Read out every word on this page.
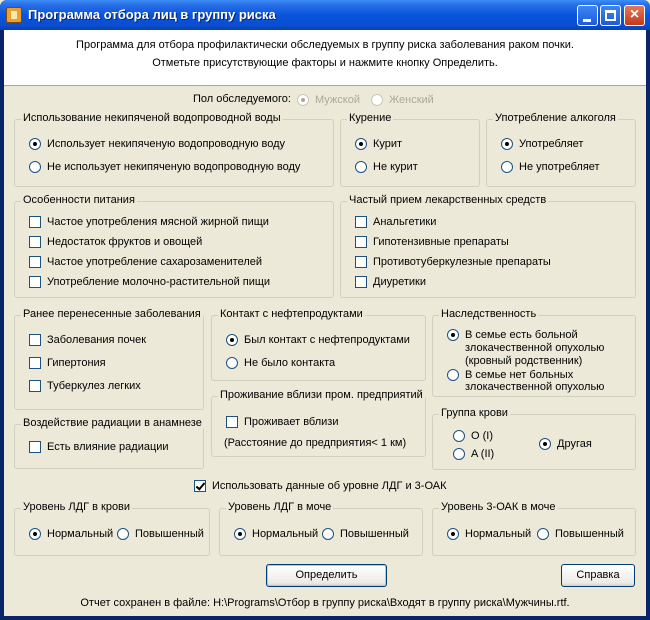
Программа отбора лиц в группу риска	×
Программа для отбора профилактически обследуемых в группу риска заболевания раком почки.
Отметьте присутствующие факторы и нажмите кнопку Определить.
Пол обследуемого: Мужской	Женский
Использование некипяченой водопроводной воды
Использует некипяченую водопроводную воду
Не использует некипяченую водопроводную воду
Курение
Курит
Не курит
Употребление алкоголя
Употребляет
Не употребляет
Особенности питания
Частое употребления мясной жирной пищи
Недостаток фруктов и овощей
Частое употребление сахарозаменителей
Употребление молочно-растительной пищи
Частый прием лекарственных средств
Анальгетики
Гипотензивные препараты
Противотуберкулезные препараты
Диуретики
Ранее перенесенные заболевания
Заболевания почек
Гипертония
Туберкулез легких
Контакт с нефтепродуктами
Был контакт с нефтепродуктами
Не было контакта
Наследственность
В семье есть больной
злокачественной опухолью
(кровный родственник)
В семье нет больных
злокачественной опухолью
Проживание вблизи пром. предприятий
Проживает вблизи
(Расстояние до предприятия< 1 км)
Воздействие радиации в анамнезе
Есть влияние радиации
Группа крови
O (I)
A (II)
Другая
Использовать данные об уровне ЛДГ и 3-ОАК
Уровень ЛДГ в крови
Нормальный Повышенный
Уровень ЛДГ в моче
Нормальный Повышенный
Уровень 3-ОАК в моче
Нормальный Повышенный
Определить	Справка
Отчет сохранен в файле: H:\Programs\Отбор в группу риска\Входят в группу риска\Мужчины.rtf.
